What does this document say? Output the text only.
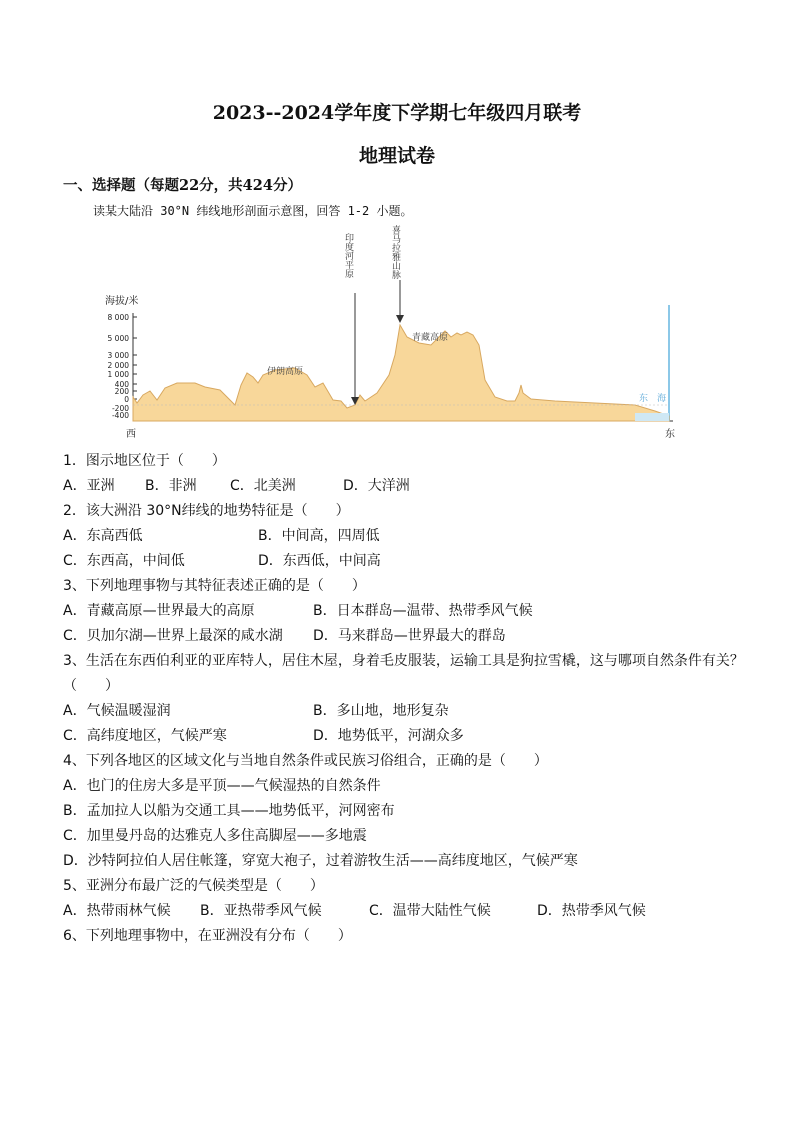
2023--2024学年度下学期七年级四月联考
地理试卷
一、选择题（每题22分，共424分）
读某大陆沿 30°N 纬线地形剖面示意图，回答 1-2 小题。
海拔/米
8 000
5 000
3 000
2 000
1 000
400
200
0
-200
-400
印度河平原	喜马拉雅山脉
青藏高原
伊朗高原
东　海
西	东
1．图示地区位于（　　）
A．亚洲 B．非洲 C．北美洲	D．大洋洲
2．该大洲沿 30°N纬线的地势特征是（　　）
A．东高西低	B．中间高，四周低
C．东西高，中间低	D．东西低，中间高
3、下列地理事物与其特征表述正确的是（　　）
A．青藏高原—世界最大的高原	B．日本群岛—温带、热带季风气候
C．贝加尔湖—世界上最深的咸水湖 D．马来群岛—世界最大的群岛
3、生活在东西伯利亚的亚库特人，居住木屋，身着毛皮服装，运输工具是狗拉雪橇，这与哪项自然条件有关？
（　　）
A．气候温暖湿润	B．多山地，地形复杂
C．高纬度地区，气候严寒	D．地势低平，河湖众多
4、下列各地区的区域文化与当地自然条件或民族习俗组合，正确的是（　　）
A．也门的住房大多是平顶——气候湿热的自然条件
B．孟加拉人以船为交通工具——地势低平，河网密布
C．加里曼丹岛的达雅克人多住高脚屋——多地震
D．沙特阿拉伯人居住帐篷，穿宽大袍子，过着游牧生活——高纬度地区，气候严寒
5、亚洲分布最广泛的气候类型是（　　）
A．热带雨林气候 B．亚热带季风气候	C．温带大陆性气候	D．热带季风气候
6、下列地理事物中，在亚洲没有分布（　　）
